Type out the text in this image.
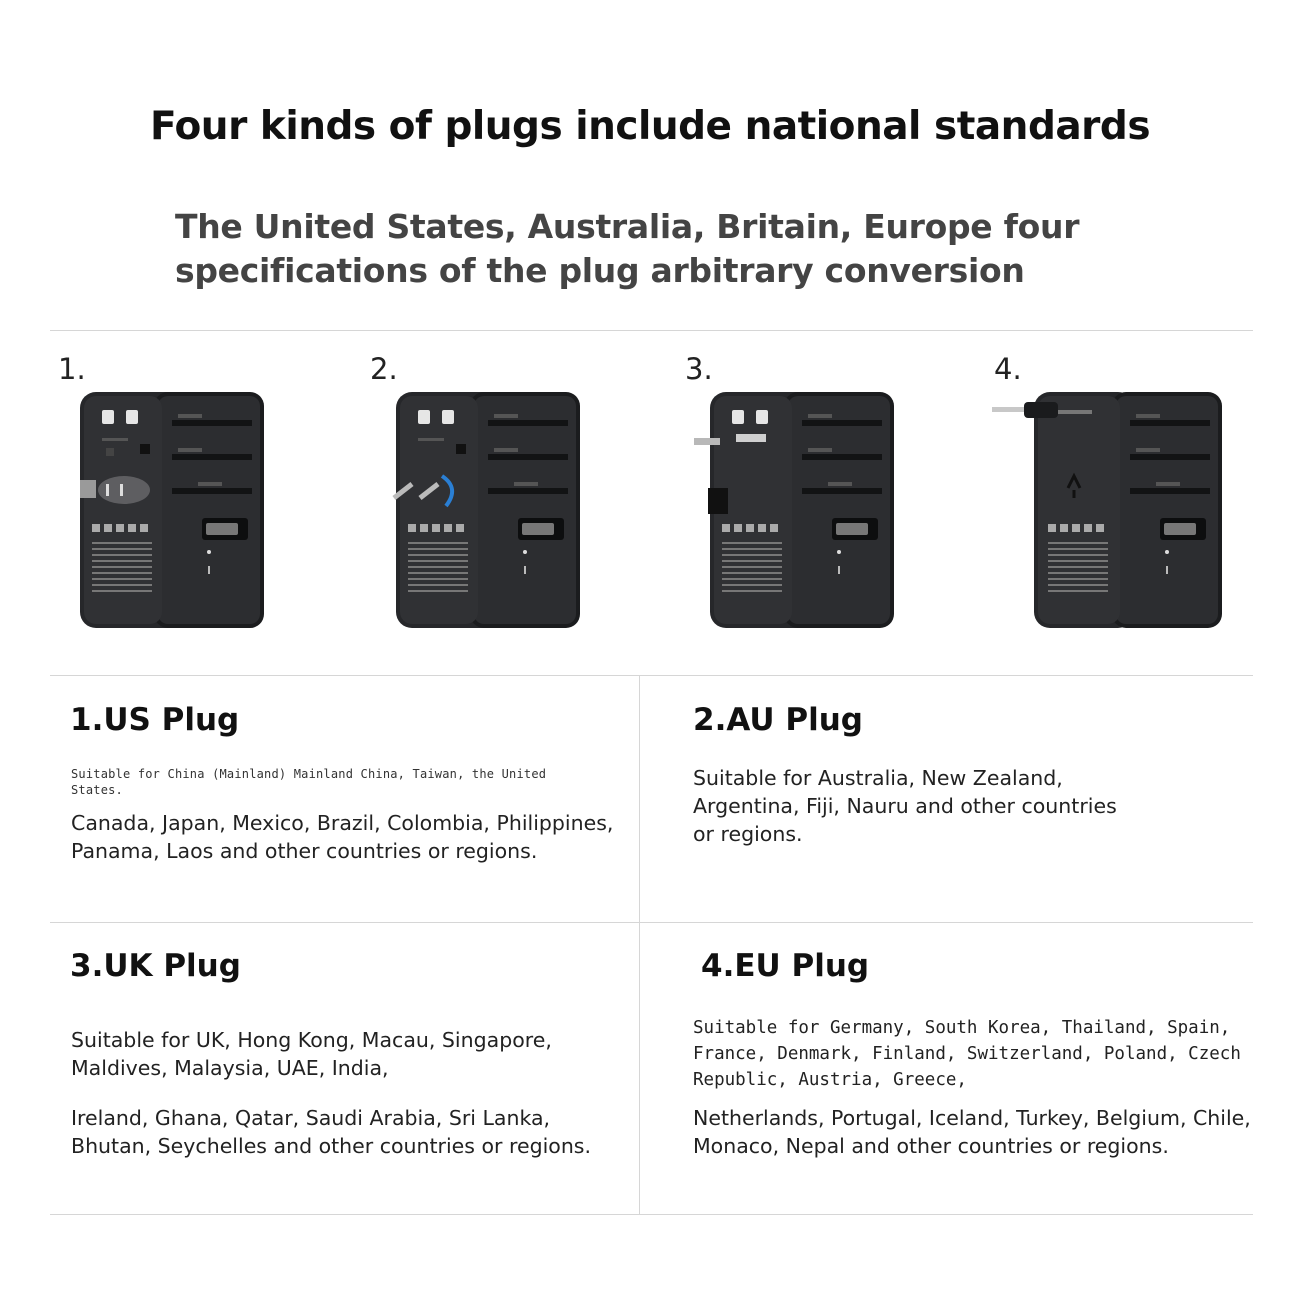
Four kinds of plugs include national standards
The United States, Australia, Britain, Europe four specifications of the plug arbitrary conversion
1.	2.	3.	4.
1.US Plug

Suitable for China (Mainland) Mainland China, Taiwan, the United States.

Canada, Japan, Mexico, Brazil, Colombia, Philippines, Panama, Laos and other countries or regions.

2.AU Plug

Suitable for Australia, New Zealand, Argentina, Fiji, Nauru and other countries or regions.

3.UK Plug

Suitable for UK, Hong Kong, Macau, Singapore, Maldives, Malaysia, UAE, India,

Ireland, Ghana, Qatar, Saudi Arabia, Sri Lanka, Bhutan, Seychelles and other countries or regions.

4.EU Plug

Suitable for Germany, South Korea, Thailand, Spain, France, Denmark, Finland, Switzerland, Poland, Czech Republic, Austria, Greece,

Netherlands, Portugal, Iceland, Turkey, Belgium, Chile, Monaco, Nepal and other countries or regions.
